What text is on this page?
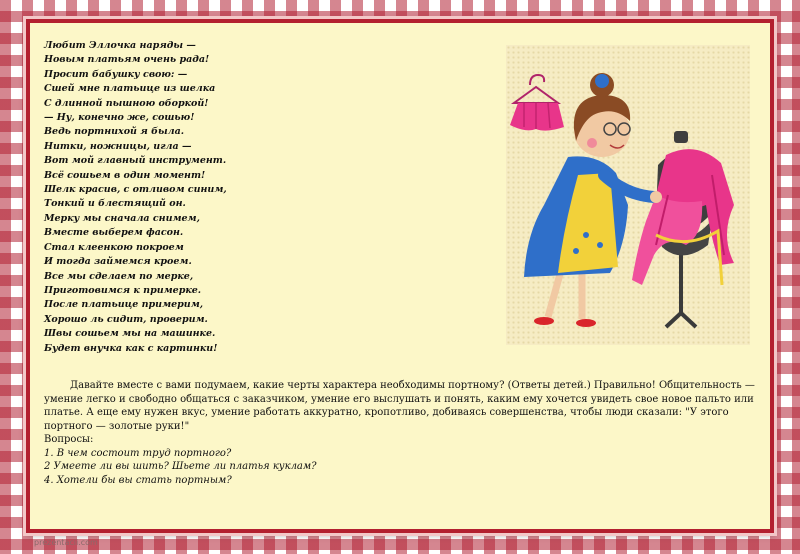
Любит Эллочка наряды —
Новым платьям очень рада!
Просит бабушку свою: —
Сшей мне платьице из шелка
С длинной пышною оборкой!
— Ну, конечно же, сошью!
Ведь портнихой я была.
Нитки, ножницы, игла —
Вот мой главный инструмент.
Всё сошьем в один момент!
Шелк красив, с отливом синим,
Тонкий и блестящий он.
Мерку мы сначала снимем,
Вместе выберем фасон.
Стал клеенкою покроем
И тогда займемся кроем.
Все мы сделаем по мерке,
Приготовимся к примерке.
После платьице примерим,
Хорошо ль сидит, проверим.
Швы сошьем мы на машинке.
Будет внучка как с картинки!
Давайте вместе с вами подумаем, какие черты характера необходимы портному? (Ответы детей.) Правильно! Общительность — умение легко и свободно общаться с заказчиком, умение его выслушать и понять, каким ему хочется увидеть свое новое пальто или платье. А еще ему нужен вкус, умение работать аккуратно, кропотливо, добиваясь совершенства, чтобы люди сказали: "У этого портного — золотые руки!"
Вопросы:
1. В чем состоит труд портного?
2 Умеете ли вы шить? Шьете ли платья куклам?
4. Хотели бы вы стать портным?
prezentacii.com
